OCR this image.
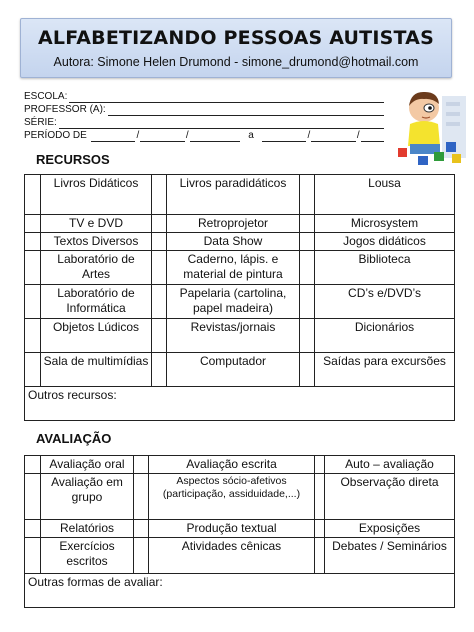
ALFABETIZANDO PESSOAS AUTISTAS
Autora: Simone Helen Drumond - simone_drumond@hotmail.com
ESCOLA:
PROFESSOR (A):
SÉRIE:
PERÍODO DE	/	/	a	/	/
RECURSOS
	Livros Didáticos		Livros paradidáticos		Lousa
	TV e DVD		Retroprojetor		Microsystem
	Textos Diversos		Data Show		Jogos didáticos
	Laboratório de Artes		Caderno, lápis. e material de pintura		Biblioteca
	Laboratório de Informática		Papelaria (cartolina, papel madeira)		CD’s e/DVD’s
	Objetos Lúdicos		Revistas/jornais		Dicionários
	Sala de multimídias		Computador		Saídas para excursões
Outros recursos:					
AVALIAÇÃO
	Avaliação oral		Avaliação escrita		Auto – avaliação
	Avaliação em grupo		Aspectos sócio-afetivos (participação, assiduidade,...)		Observação direta
	Relatórios		Produção textual		Exposições
	Exercícios escritos		Atividades cênicas		Debates / Seminários
Outras formas de avaliar:					
